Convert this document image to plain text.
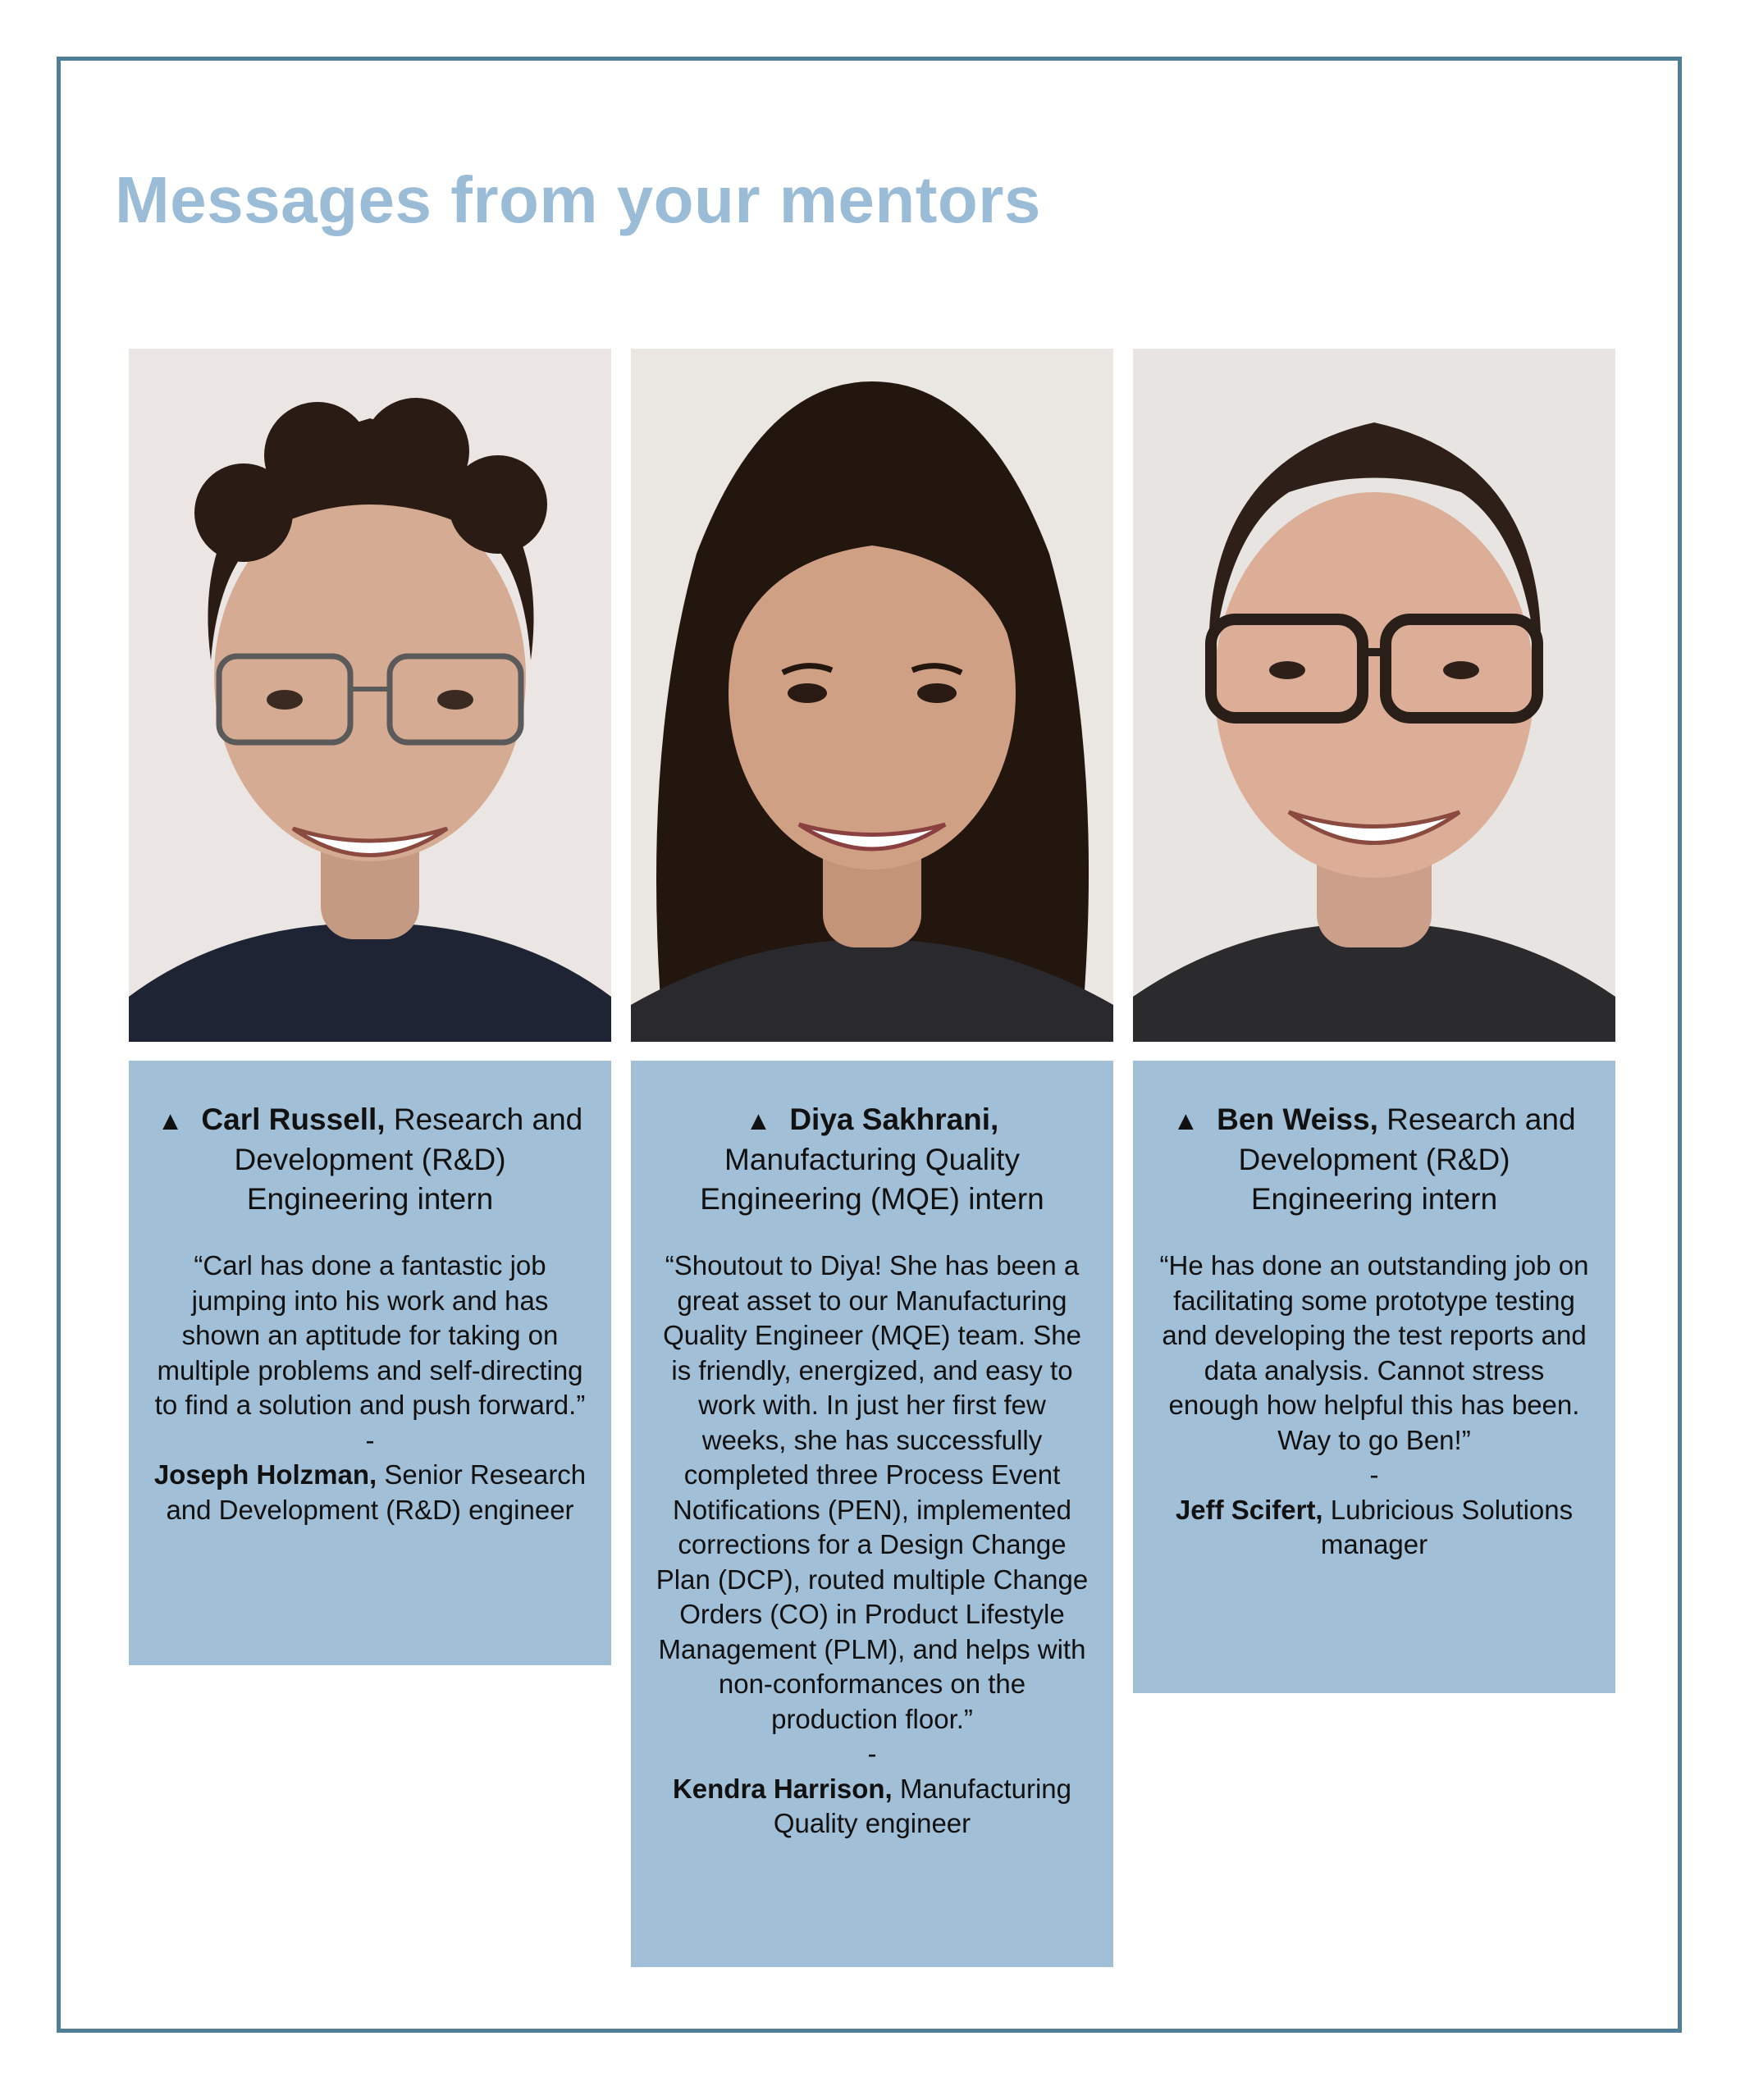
Messages from your mentors
▲ Carl Russell, Research and Development (R&D) Engineering intern
“Carl has done a fantastic job jumping into his work and has shown an aptitude for taking on multiple problems and self-directing to find a solution and push forward.”
-
Joseph Holzman, Senior Research and Development (R&D) engineer
▲ Diya Sakhrani, Manufacturing Quality Engineering (MQE) intern
“Shoutout to Diya! She has been a great asset to our Manufacturing Quality Engineer (MQE) team. She is friendly, energized, and easy to work with. In just her first few weeks, she has successfully completed three Process Event Notifications (PEN), implemented corrections for a Design Change Plan (DCP), routed multiple Change Orders (CO) in Product Lifestyle Management (PLM), and helps with non-conformances on the production floor.”
-
Kendra Harrison, Manufacturing Quality engineer
▲ Ben Weiss, Research and Development (R&D) Engineering intern
“He has done an outstanding job on facilitating some prototype testing and developing the test reports and data analysis. Cannot stress enough how helpful this has been. Way to go Ben!”
-
Jeff Scifert, Lubricious Solutions manager
